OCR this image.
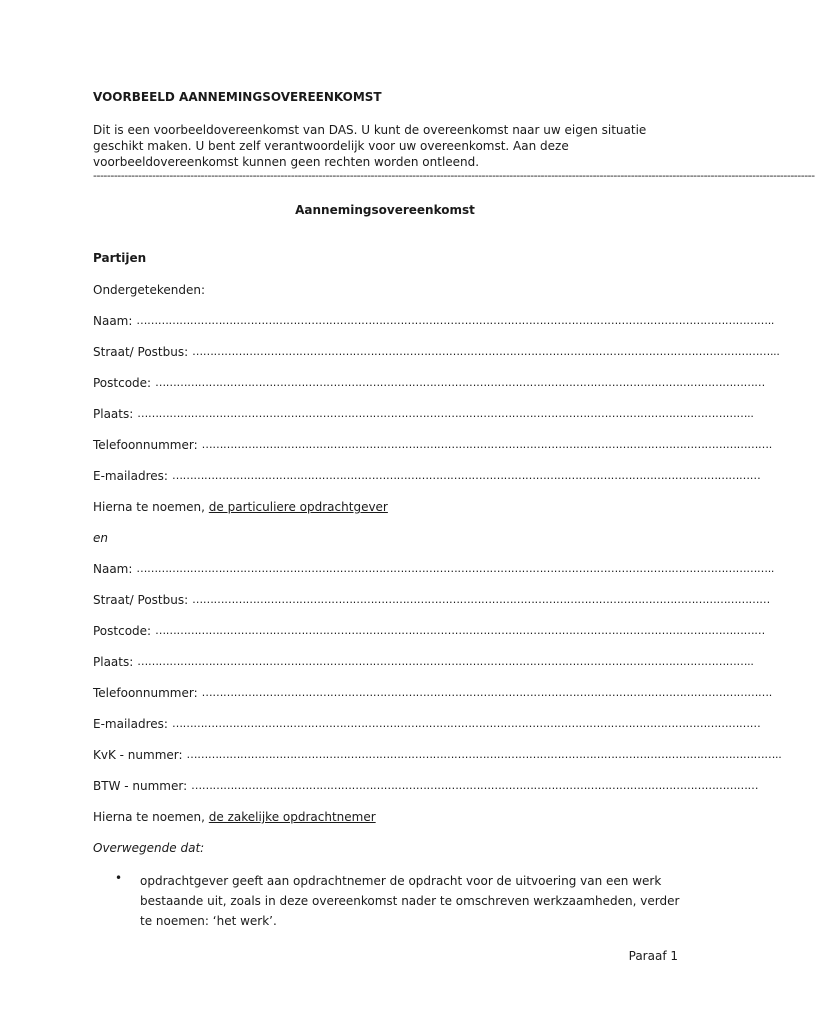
VOORBEELD AANNEMINGSOVEREENKOMST
Dit is een voorbeeldovereenkomst van DAS. U kunt de overeenkomst naar uw eigen situatie geschikt maken. U bent zelf verantwoordelijk voor uw overeenkomst. Aan deze voorbeeldovereenkomst kunnen geen rechten worden ontleend.
----------------------------------------------------------------------------------------------------------------------------------------------------------------------------------------------------------------
Aannemingsovereenkomst
Partijen
Ondergetekenden:
Naam: ……………………………………………………………………………………………………………………………………………………………..
Straat/ Postbus: ………………………………………………………………………………………………………………………………………………...
Postcode: ………………………………………………………………………………………………………………………………………………………
Plaats: ………………………………………………………………………………………………………………………………………………………..
Telefoonnummer: …………………………………………………………………………………………………………………………………………….
E-mailadres: …………………………………………………………………………………………………………………………………………………
Hierna te noemen, de particuliere opdrachtgever
en
Naam: ……………………………………………………………………………………………………………………………………………………………..
Straat/ Postbus: ………………………………………………………………………………………………………………………………………………
Postcode: ………………………………………………………………………………………………………………………………………………………
Plaats: ………………………………………………………………………………………………………………………………………………………..
Telefoonnummer: …………………………………………………………………………………………………………………………………………….
E-mailadres: …………………………………………………………………………………………………………………………………………………
KvK - nummer: …………………………………………………………………………………………………………………………………………………..
BTW - nummer: ……………………………………………………………………………………………………………………………………………
Hierna te noemen, de zakelijke opdrachtnemer
Overwegende dat:
• opdrachtgever geeft aan opdrachtnemer de opdracht voor de uitvoering van een werk bestaande uit, zoals in deze overeenkomst nader te omschreven werkzaamheden, verder te noemen: ‘het werk’.
Paraaf 1
